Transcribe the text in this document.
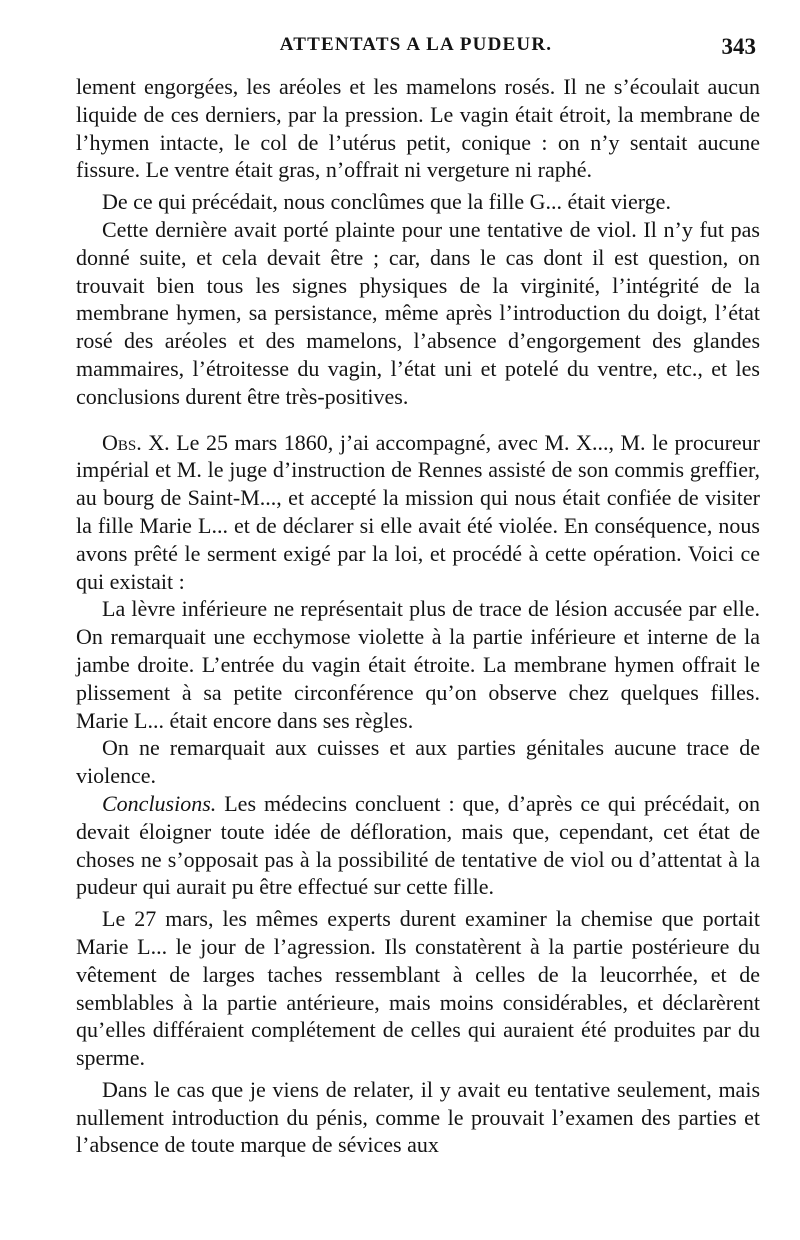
ATTENTATS A LA PUDEUR.	343

lement engorgées, les aréoles et les mamelons rosés. Il ne s’écoulait aucun liquide de ces derniers, par la pression. Le vagin était étroit, la membrane de l’hymen intacte, le col de l’utérus petit, conique : on n’y sentait aucune fissure. Le ventre était gras, n’offrait ni vergeture ni raphé.

De ce qui précédait, nous conclûmes que la fille G... était vierge.

Cette dernière avait porté plainte pour une tentative de viol. Il n’y fut pas donné suite, et cela devait être ; car, dans le cas dont il est question, on trouvait bien tous les signes physiques de la virginité, l’intégrité de la membrane hymen, sa persistance, même après l’introduction du doigt, l’état rosé des aréoles et des mamelons, l’absence d’engorgement des glandes mammaires, l’étroitesse du vagin, l’état uni et potelé du ventre, etc., et les conclusions durent être très-positives.

Obs. X. Le 25 mars 1860, j’ai accompagné, avec M. X..., M. le procureur impérial et M. le juge d’instruction de Rennes assisté de son commis greffier, au bourg de Saint-M..., et accepté la mission qui nous était confiée de visiter la fille Marie L... et de déclarer si elle avait été violée. En conséquence, nous avons prêté le serment exigé par la loi, et procédé à cette opération. Voici ce qui existait :

La lèvre inférieure ne représentait plus de trace de lésion accusée par elle. On remarquait une ecchymose violette à la partie inférieure et interne de la jambe droite. L’entrée du vagin était étroite. La membrane hymen offrait le plissement à sa petite circonférence qu’on observe chez quelques filles. Marie L... était encore dans ses règles.

On ne remarquait aux cuisses et aux parties génitales aucune trace de violence.

Conclusions. Les médecins concluent : que, d’après ce qui précédait, on devait éloigner toute idée de défloration, mais que, cependant, cet état de choses ne s’opposait pas à la possibilité de tentative de viol ou d’attentat à la pudeur qui aurait pu être effectué sur cette fille.

Le 27 mars, les mêmes experts durent examiner la chemise que portait Marie L... le jour de l’agression. Ils constatèrent à la partie postérieure du vêtement de larges taches ressemblant à celles de la leucorrhée, et de semblables à la partie antérieure, mais moins considérables, et déclarèrent qu’elles différaient complétement de celles qui auraient été produites par du sperme.

Dans le cas que je viens de relater, il y avait eu tentative seulement, mais nullement introduction du pénis, comme le prouvait l’examen des parties et l’absence de toute marque de sévices aux
